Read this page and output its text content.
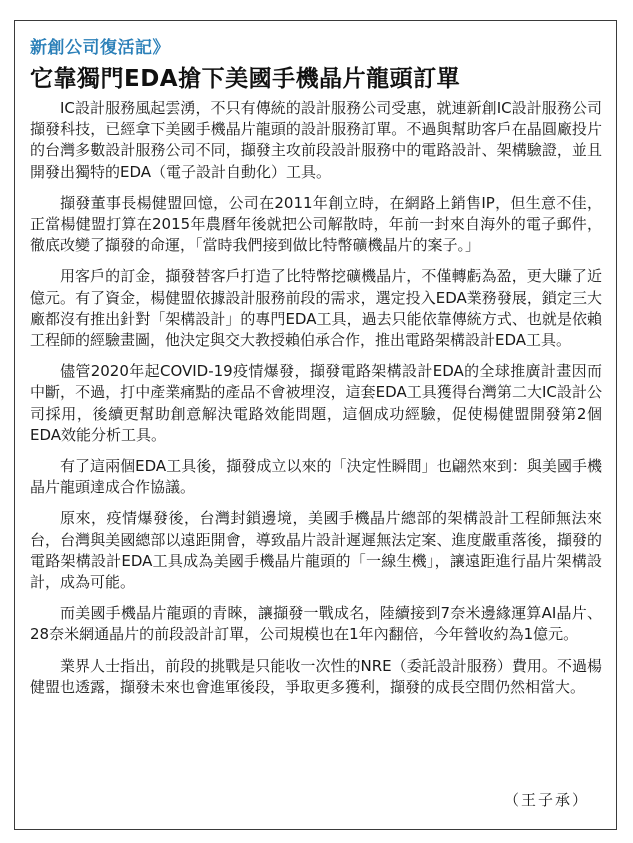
新創公司復活記》
它靠獨門EDA搶下美國手機晶片龍頭訂單

IC設計服務風起雲湧，不只有傳統的設計服務公司受惠，就連新創IC設計服務公司擷發科技，已經拿下美國手機晶片龍頭的設計服務訂單。不過與幫助客戶在晶圓廠投片的台灣多數設計服務公司不同，擷發主攻前段設計服務中的電路設計、架構驗證，並且開發出獨特的EDA（電子設計自動化）工具。

擷發董事長楊健盟回憶，公司在2011年創立時，在網路上銷售IP，但生意不佳，正當楊健盟打算在2015年農曆年後就把公司解散時，年前一封來自海外的電子郵件，徹底改變了擷發的命運，「當時我們接到做比特幣礦機晶片的案子。」

用客戶的訂金，擷發替客戶打造了比特幣挖礦機晶片，不僅轉虧為盈，更大賺了近億元。有了資金，楊健盟依據設計服務前段的需求，選定投入EDA業務發展，鎖定三大廠都沒有推出針對「架構設計」的專門EDA工具，過去只能依靠傳統方式、也就是依賴工程師的經驗畫圖，他決定與交大教授賴伯承合作，推出電路架構設計EDA工具。

儘管2020年起COVID-19疫情爆發，擷發電路架構設計EDA的全球推廣計畫因而中斷，不過，打中產業痛點的產品不會被埋沒，這套EDA工具獲得台灣第二大IC設計公司採用，後續更幫助創意解決電路效能問題，這個成功經驗，促使楊健盟開發第2個EDA效能分析工具。

有了這兩個EDA工具後，擷發成立以來的「決定性瞬間」也翩然來到：與美國手機晶片龍頭達成合作協議。

原來，疫情爆發後，台灣封鎖邊境，美國手機晶片總部的架構設計工程師無法來台，台灣與美國總部以遠距開會，導致晶片設計遲遲無法定案、進度嚴重落後，擷發的電路架構設計EDA工具成為美國手機晶片龍頭的「一線生機」，讓遠距進行晶片架構設計，成為可能。

而美國手機晶片龍頭的青睞，讓擷發一戰成名，陸續接到7奈米邊緣運算AI晶片、28奈米網通晶片的前段設計訂單，公司規模也在1年內翻倍，今年營收約為1億元。

業界人士指出，前段的挑戰是只能收一次性的NRE（委託設計服務）費用。不過楊健盟也透露，擷發未來也會進軍後段，爭取更多獲利，擷發的成長空間仍然相當大。

（王子承）
